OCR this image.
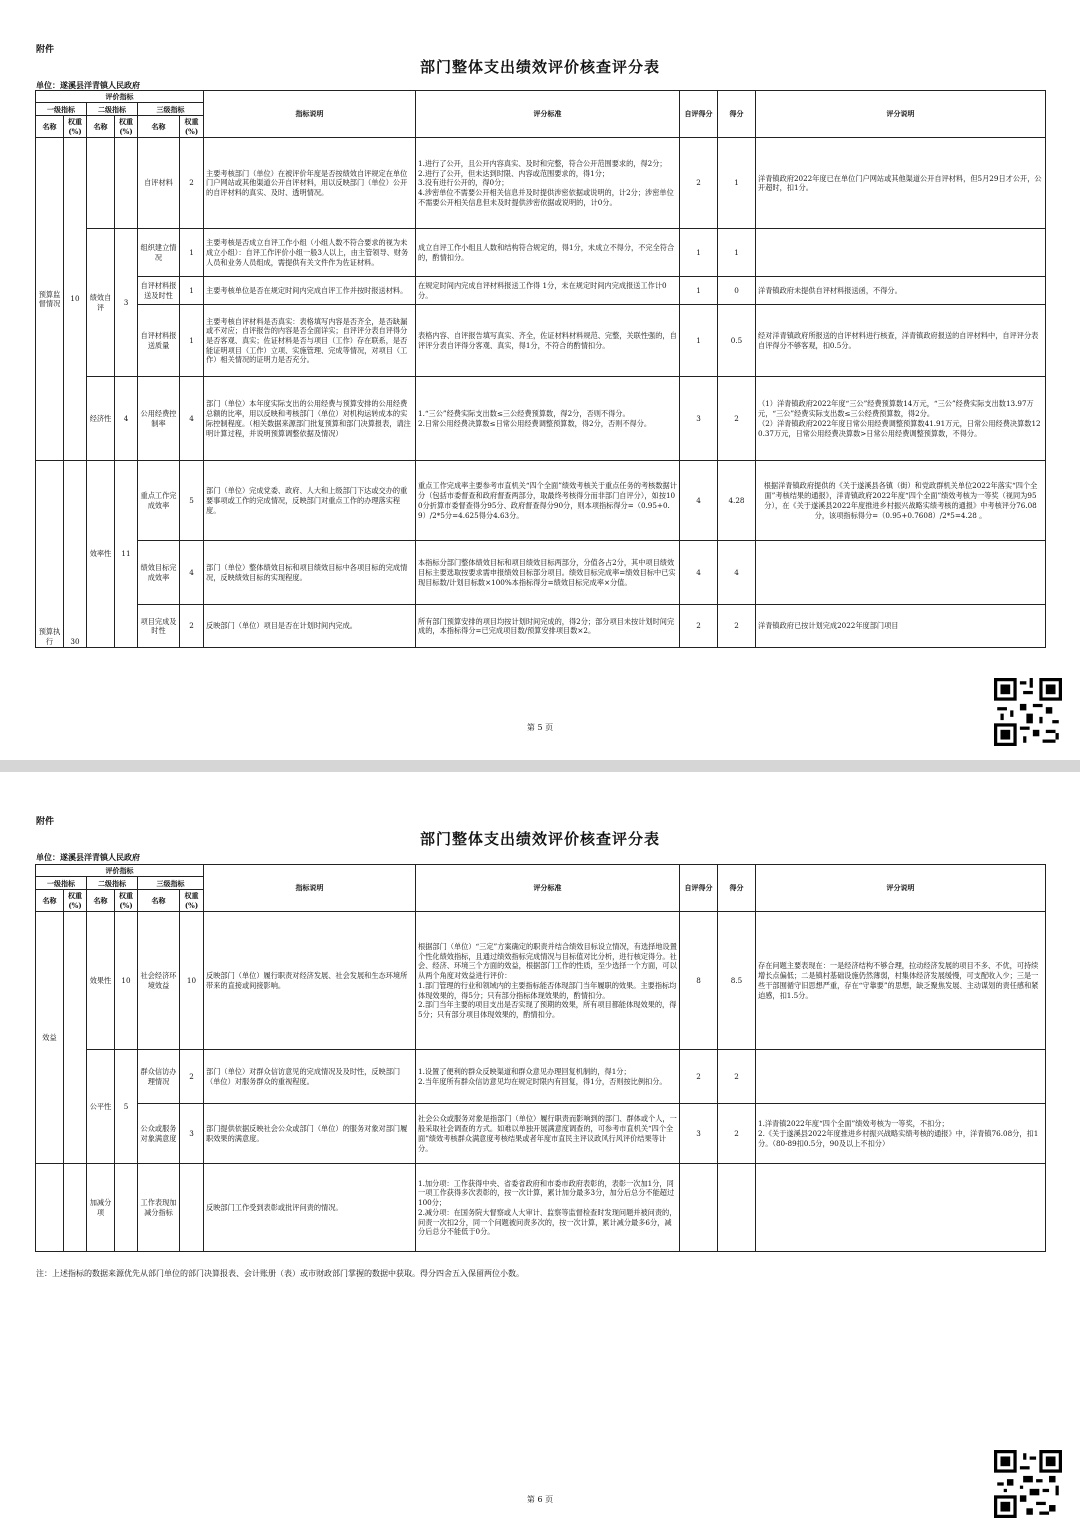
附件
部门整体支出绩效评价核查评分表
单位：遂溪县洋青镇人民政府
评价指标						指标说明	评分标准	自评得分	得分	评分说明
一级指标		二级指标		三级指标						
名称	权重(%)	名称	权重(%)	名称	权重(%)					
预算监督情况	10			自评材料	2	主要考核部门（单位）在被评价年度是否按绩效自评规定在单位门户网站或其他渠道公开自评材料，用以反映部门（单位）公开的自评材料的真实、及时、透明情况。	1.进行了公开，且公开内容真实、及时和完整，符合公开范围要求的，得2分；
2.进行了公开，但未达到时限、内容或范围要求的，得1分；
3.没有进行公开的，得0分；
4.涉密单位不需要公开相关信息并及时提供涉密依据或说明的，计2分；涉密单位不需要公开相关信息但未及时提供涉密依据或说明的，计0分。	2	1	洋青镇政府2022年度已在单位门户网站或其他渠道公开自评材料，但5月29日才公开，公开超时，扣1分。
		绩效自评	3	组织建立情况	1	主要考核是否成立自评工作小组（小组人数不符合要求的视为未成立小组）：自评工作评价小组一般3人以上，由主管领导、财务人员和业务人员组成，需提供有关文件作为佐证材料。	成立自评工作小组且人数和结构符合规定的，得1分，未成立不得分，不完全符合的，酌情扣分。	1	1	
				自评材料报送及时性	1	主要考核单位是否在规定时间内完成自评工作并按时报送材料。	在规定时间内完成自评材料报送工作得 1分，未在规定时间内完成报送工作计0分。	1	0	洋青镇政府未提供自评材料报送函，不得分。
				自评材料报送质量	1	主要考核自评材料是否真实：表格填写内容是否齐全，是否缺漏或不对应；自评报告的内容是否全面详实；自评评分表自评得分是否客观、真实；佐证材料是否与项目（工作）存在联系，是否能证明项目（工作）立项、实施管理、完成等情况，对项目（工作）相关情况的证明力是否充分。	表格内容、自评报告填写真实、齐全，佐证材料材料规范、完整，关联性强的，自评评分表自评得分客观、真实，得1分，不符合的酌情扣分。	1	0.5	经对洋青镇政府所报送的自评材料进行核查，洋青镇政府报送的自评材料中，自评评分表自评得分不够客观，扣0.5分。
		经济性	4	公用经费控制率	4	部门（单位）本年度实际支出的公用经费与预算安排的公用经费总额的比率，用以反映和考核部门（单位）对机构运转成本的实际控制程度。（相关数据来源部门批复预算和部门决算报表，请注明计算过程，并说明预算调整依据及情况）	1.“三公”经费实际支出数≤三公经费预算数，得2分，否则不得分。
2.日常公用经费决算数≤日常公用经费调整预算数，得2分，否则不得分。	3	2	（1）洋青镇政府2022年度“三公”经费预算数14万元，“三公”经费实际支出数13.97万元，“三公”经费实际支出数≤三公经费预算数，得2分。
（2）洋青镇政府2022年度日常公用经费调整预算数41.91万元，日常公用经费决算数120.37万元，日常公用经费决算数>日常公用经费调整预算数，不得分。
预算执行	30	效率性	11	重点工作完成效率	5	部门（单位）完成党委、政府、人大和上级部门下达或交办的重要事项或工作的完成情况，反映部门对重点工作的办理落实程度。	重点工作完成率主要参考市直机关“四个全面”绩效考核关于重点任务的考核数据计分（包括市委督查和政府督查两部分，取最终考核得分而非部门自评分），如按100分折算市委督查得分95分、政府督查得分90分，则本项指标得分=（0.95+0.9）/2*5分=4.625得分4.63分。	4	4.28	根据洋青镇政府提供的《关于遂溪县各镇（街）和党政群机关单位2022年落实“四个全面”考核结果的通报》，洋青镇政府2022年度“四个全面”绩效考核为一等奖（视同为95分），在《关于遂溪县2022年度推进乡村振兴战略实绩考核的通报》中考核评分76.08分，该项指标得分=（0.95+0.7608）/2*5=4.28 。
				绩效目标完成效率	4	部门（单位）整体绩效目标和项目绩效目标中各项目标的完成情况，反映绩效目标的实现程度。	本指标分部门整体绩效目标和项目绩效目标两部分，分值各占2分，其中项目绩效目标主要选取按要求需申报绩效目标部分项目。绩效目标完成率=绩效目标中已实现目标数/计划目标数×100%本指标得分=绩效目标完成率×分值。	4	4	
				项目完成及时性	2	反映部门（单位）项目是否在计划时间内完成。	所有部门预算安排的项目均按计划时间完成的，得2分；部分项目未按计划时间完成的，本指标得分=已完成项目数/预算安排项目数×2。	2	2	洋青镇政府已按计划完成2022年度部门项目
第 5 页
附件
部门整体支出绩效评价核查评分表
单位：遂溪县洋青镇人民政府
评价指标						指标说明	评分标准	自评得分	得分	评分说明
一级指标		二级指标		三级指标						
名称	权重(%)	名称	权重(%)	名称	权重(%)					
效益		效果性	10	社会经济环境效益	10	反映部门（单位）履行职责对经济发展、社会发展和生态环境所带来的直接或间接影响。	根据部门（单位）“三定”方案确定的职责并结合绩效目标设立情况，有选择地设置个性化绩效指标，且通过绩效指标完成情况与目标值对比分析，进行核定得分。社会、经济、环境三个方面的效益，根据部门工作的性质，至少选择一个方面，可以从两个角度对效益进行评价：
1.部门管理的行业和领域内的主要指标能否体现部门当年履职的效果。主要指标均体现效果的，得5分；只有部分指标体现效果的，酌情扣分。
2.部门当年主要的项目支出是否实现了预期的效果，所有项目都能体现效果的，得5分；只有部分项目体现效果的，酌情扣分。	8	8.5	存在问题主要表现在：一是经济结构不够合理，拉动经济发展的项目不多、不优，可持续增长点偏低；二是镇村基础设施仍然薄弱，村集体经济发展缓慢，可支配收入少；三是一些干部囿循守旧思想严重，存在“守靠要”的思想，缺乏聚焦发展、主动谋划的责任感和紧迫感，扣1.5分。
		公平性	5	群众信访办理情况	2	部门（单位）对群众信访意见的完成情况及及时性，反映部门（单位）对服务群众的重视程度。	1.设置了便利的群众反映渠道和群众意见办理回复机制的，得1分；
2.当年度所有群众信访意见均在规定时限内有回复，得1分，否则按比例扣分。	2	2	
				公众或服务对象满意度	3	部门提供依据反映社会公众或部门（单位）的服务对象对部门履职效果的满意度。	社会公众或服务对象是指部门（单位）履行职责而影响到的部门、群体或个人，一般采取社会调查的方式。如难以单独开展满意度调查的，可参考市直机关“四个全面”绩效考核群众满意度考核结果或者年度市直民主评议政风行风评价结果等计分。	3	2	1.洋青镇2022年度“四个全面”绩效考核为一等奖，不扣分；
2.《关于遂溪县2022年度推进乡村振兴战略实绩考核的通报》中，洋青镇76.08分，扣1分。（80-89扣0.5分，90及以上不扣分）
		加减分项		工作表现加减分指标		反映部门工作受到表彰或批评问责的情况。	1.加分项：工作获得中央、省委省政府和市委市政府表彰的，表彰一次加1分，同一项工作获得多次表彰的，按一次计算，累计加分最多3分，加分后总分不能超过100分；
2.减分项：在国务院大督察或人大审计、监察等监督检查时发现问题并被问责的，问责一次扣2分，同一个问题被问责多次的，按一次计算，累计减分最多6分，减分后总分不能低于0分。			
注：上述指标的数据来源优先从部门单位的部门决算报表、会计账册（表）或市财政部门掌握的数据中获取。得分四舍五入保留两位小数。
第 6 页
